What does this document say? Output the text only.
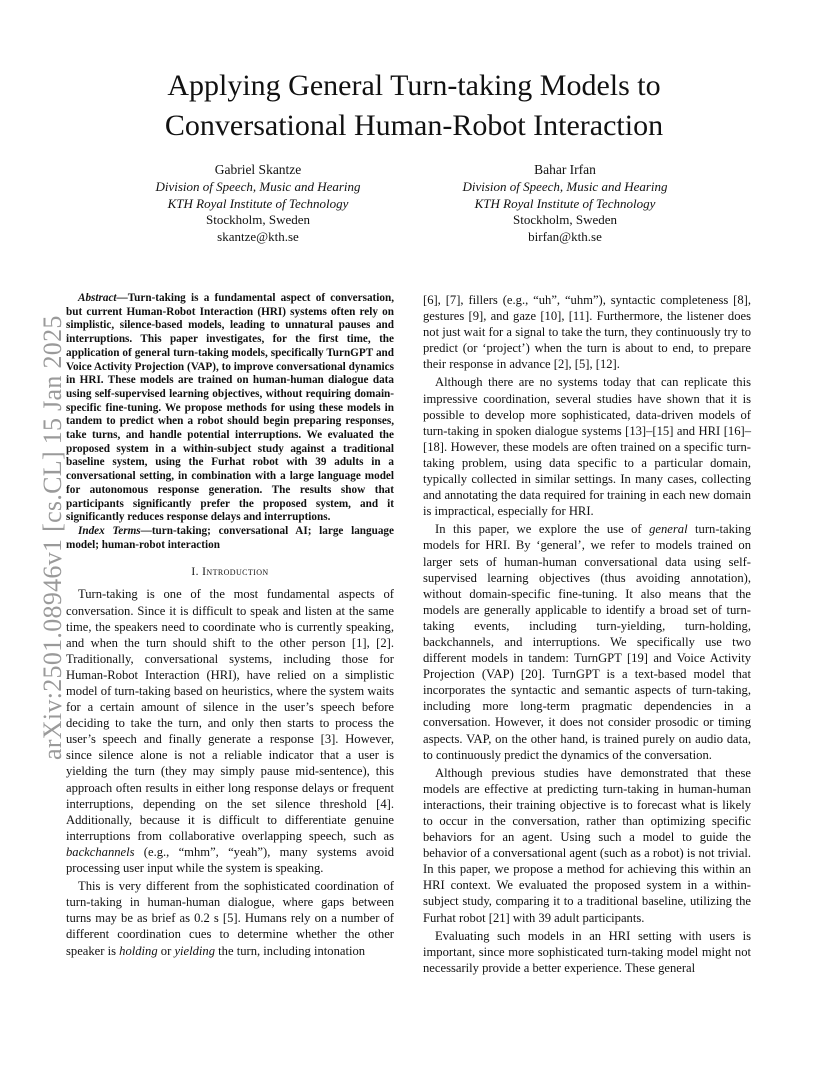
arXiv:2501.08946v1 [cs.CL] 15 Jan 2025
Applying General Turn-taking Models to
Conversational Human-Robot Interaction
Gabriel Skantze
Division of Speech, Music and Hearing
KTH Royal Institute of Technology
Stockholm, Sweden
skantze@kth.se
Bahar Irfan
Division of Speech, Music and Hearing
KTH Royal Institute of Technology
Stockholm, Sweden
birfan@kth.se

Abstract—Turn-taking is a fundamental aspect of conversation, but current Human-Robot Interaction (HRI) systems often rely on simplistic, silence-based models, leading to unnatural pauses and interruptions. This paper investigates, for the first time, the application of general turn-taking models, specifically TurnGPT and Voice Activity Projection (VAP), to improve conversational dynamics in HRI. These models are trained on human-human dialogue data using self-supervised learning objectives, without requiring domain-specific fine-tuning. We propose methods for using these models in tandem to predict when a robot should begin preparing responses, take turns, and handle potential interruptions. We evaluated the proposed system in a within-subject study against a traditional baseline system, using the Furhat robot with 39 adults in a conversational setting, in combination with a large language model for autonomous response generation. The results show that participants significantly prefer the proposed system, and it significantly reduces response delays and interruptions.

Index Terms—turn-taking; conversational AI; large language model; human-robot interaction

I. Introduction

Turn-taking is one of the most fundamental aspects of conversation. Since it is difficult to speak and listen at the same time, the speakers need to coordinate who is currently speaking, and when the turn should shift to the other person [1], [2]. Traditionally, conversational systems, including those for Human-Robot Interaction (HRI), have relied on a simplistic model of turn-taking based on heuristics, where the system waits for a certain amount of silence in the user’s speech before deciding to take the turn, and only then starts to process the user’s speech and finally generate a response [3]. However, since silence alone is not a reliable indicator that a user is yielding the turn (they may simply pause mid-sentence), this approach often results in either long response delays or frequent interruptions, depending on the set silence threshold [4]. Additionally, because it is difficult to differentiate genuine interruptions from collaborative overlapping speech, such as backchannels (e.g., “mhm”, “yeah”), many systems avoid processing user input while the system is speaking.

This is very different from the sophisticated coordination of turn-taking in human-human dialogue, where gaps between turns may be as brief as 0.2 s [5]. Humans rely on a number of different coordination cues to determine whether the other speaker is holding or yielding the turn, including intonation

[6], [7], fillers (e.g., “uh”, “uhm”), syntactic completeness [8], gestures [9], and gaze [10], [11]. Furthermore, the listener does not just wait for a signal to take the turn, they continuously try to predict (or ‘project’) when the turn is about to end, to prepare their response in advance [2], [5], [12].

Although there are no systems today that can replicate this impressive coordination, several studies have shown that it is possible to develop more sophisticated, data-driven models of turn-taking in spoken dialogue systems [13]–[15] and HRI [16]–[18]. However, these models are often trained on a specific turn-taking problem, using data specific to a particular domain, typically collected in similar settings. In many cases, collecting and annotating the data required for training in each new domain is impractical, especially for HRI.

In this paper, we explore the use of general turn-taking models for HRI. By ‘general’, we refer to models trained on larger sets of human-human conversational data using self-supervised learning objectives (thus avoiding annotation), without domain-specific fine-tuning. It also means that the models are generally applicable to identify a broad set of turn-taking events, including turn-yielding, turn-holding, backchannels, and interruptions. We specifically use two different models in tandem: TurnGPT [19] and Voice Activity Projection (VAP) [20]. TurnGPT is a text-based model that incorporates the syntactic and semantic aspects of turn-taking, including more long-term pragmatic dependencies in a conversation. However, it does not consider prosodic or timing aspects. VAP, on the other hand, is trained purely on audio data, to continuously predict the dynamics of the conversation.

Although previous studies have demonstrated that these models are effective at predicting turn-taking in human-human interactions, their training objective is to forecast what is likely to occur in the conversation, rather than optimizing specific behaviors for an agent. Using such a model to guide the behavior of a conversational agent (such as a robot) is not trivial. In this paper, we propose a method for achieving this within an HRI context. We evaluated the proposed system in a within-subject study, comparing it to a traditional baseline, utilizing the Furhat robot [21] with 39 adult participants.

Evaluating such models in an HRI setting with users is important, since more sophisticated turn-taking model might not necessarily provide a better experience. These general
